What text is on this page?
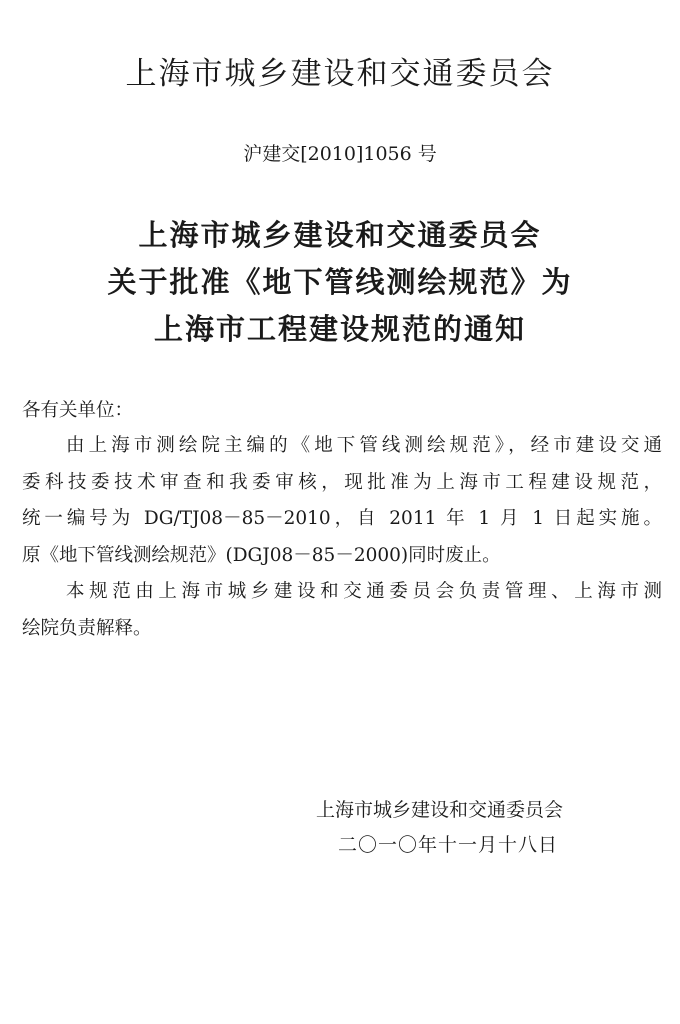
上海市城乡建设和交通委员会
沪建交[2010]1056 号
上海市城乡建设和交通委员会
关于批准《地下管线测绘规范》为
上海市工程建设规范的通知
各有关单位：
由上海市测绘院主编的《地下管线测绘规范》，经市建设交通
委科技委技术审查和我委审核，现批准为上海市工程建设规范，
统一编号为 DG/TJ08－85－2010，自 2011 年 1 月 1 日起实施。
原《地下管线测绘规范》(DGJ08－85－2000)同时废止。
本规范由上海市城乡建设和交通委员会负责管理、上海市测
绘院负责解释。
上海市城乡建设和交通委员会
二〇一〇年十一月十八日
